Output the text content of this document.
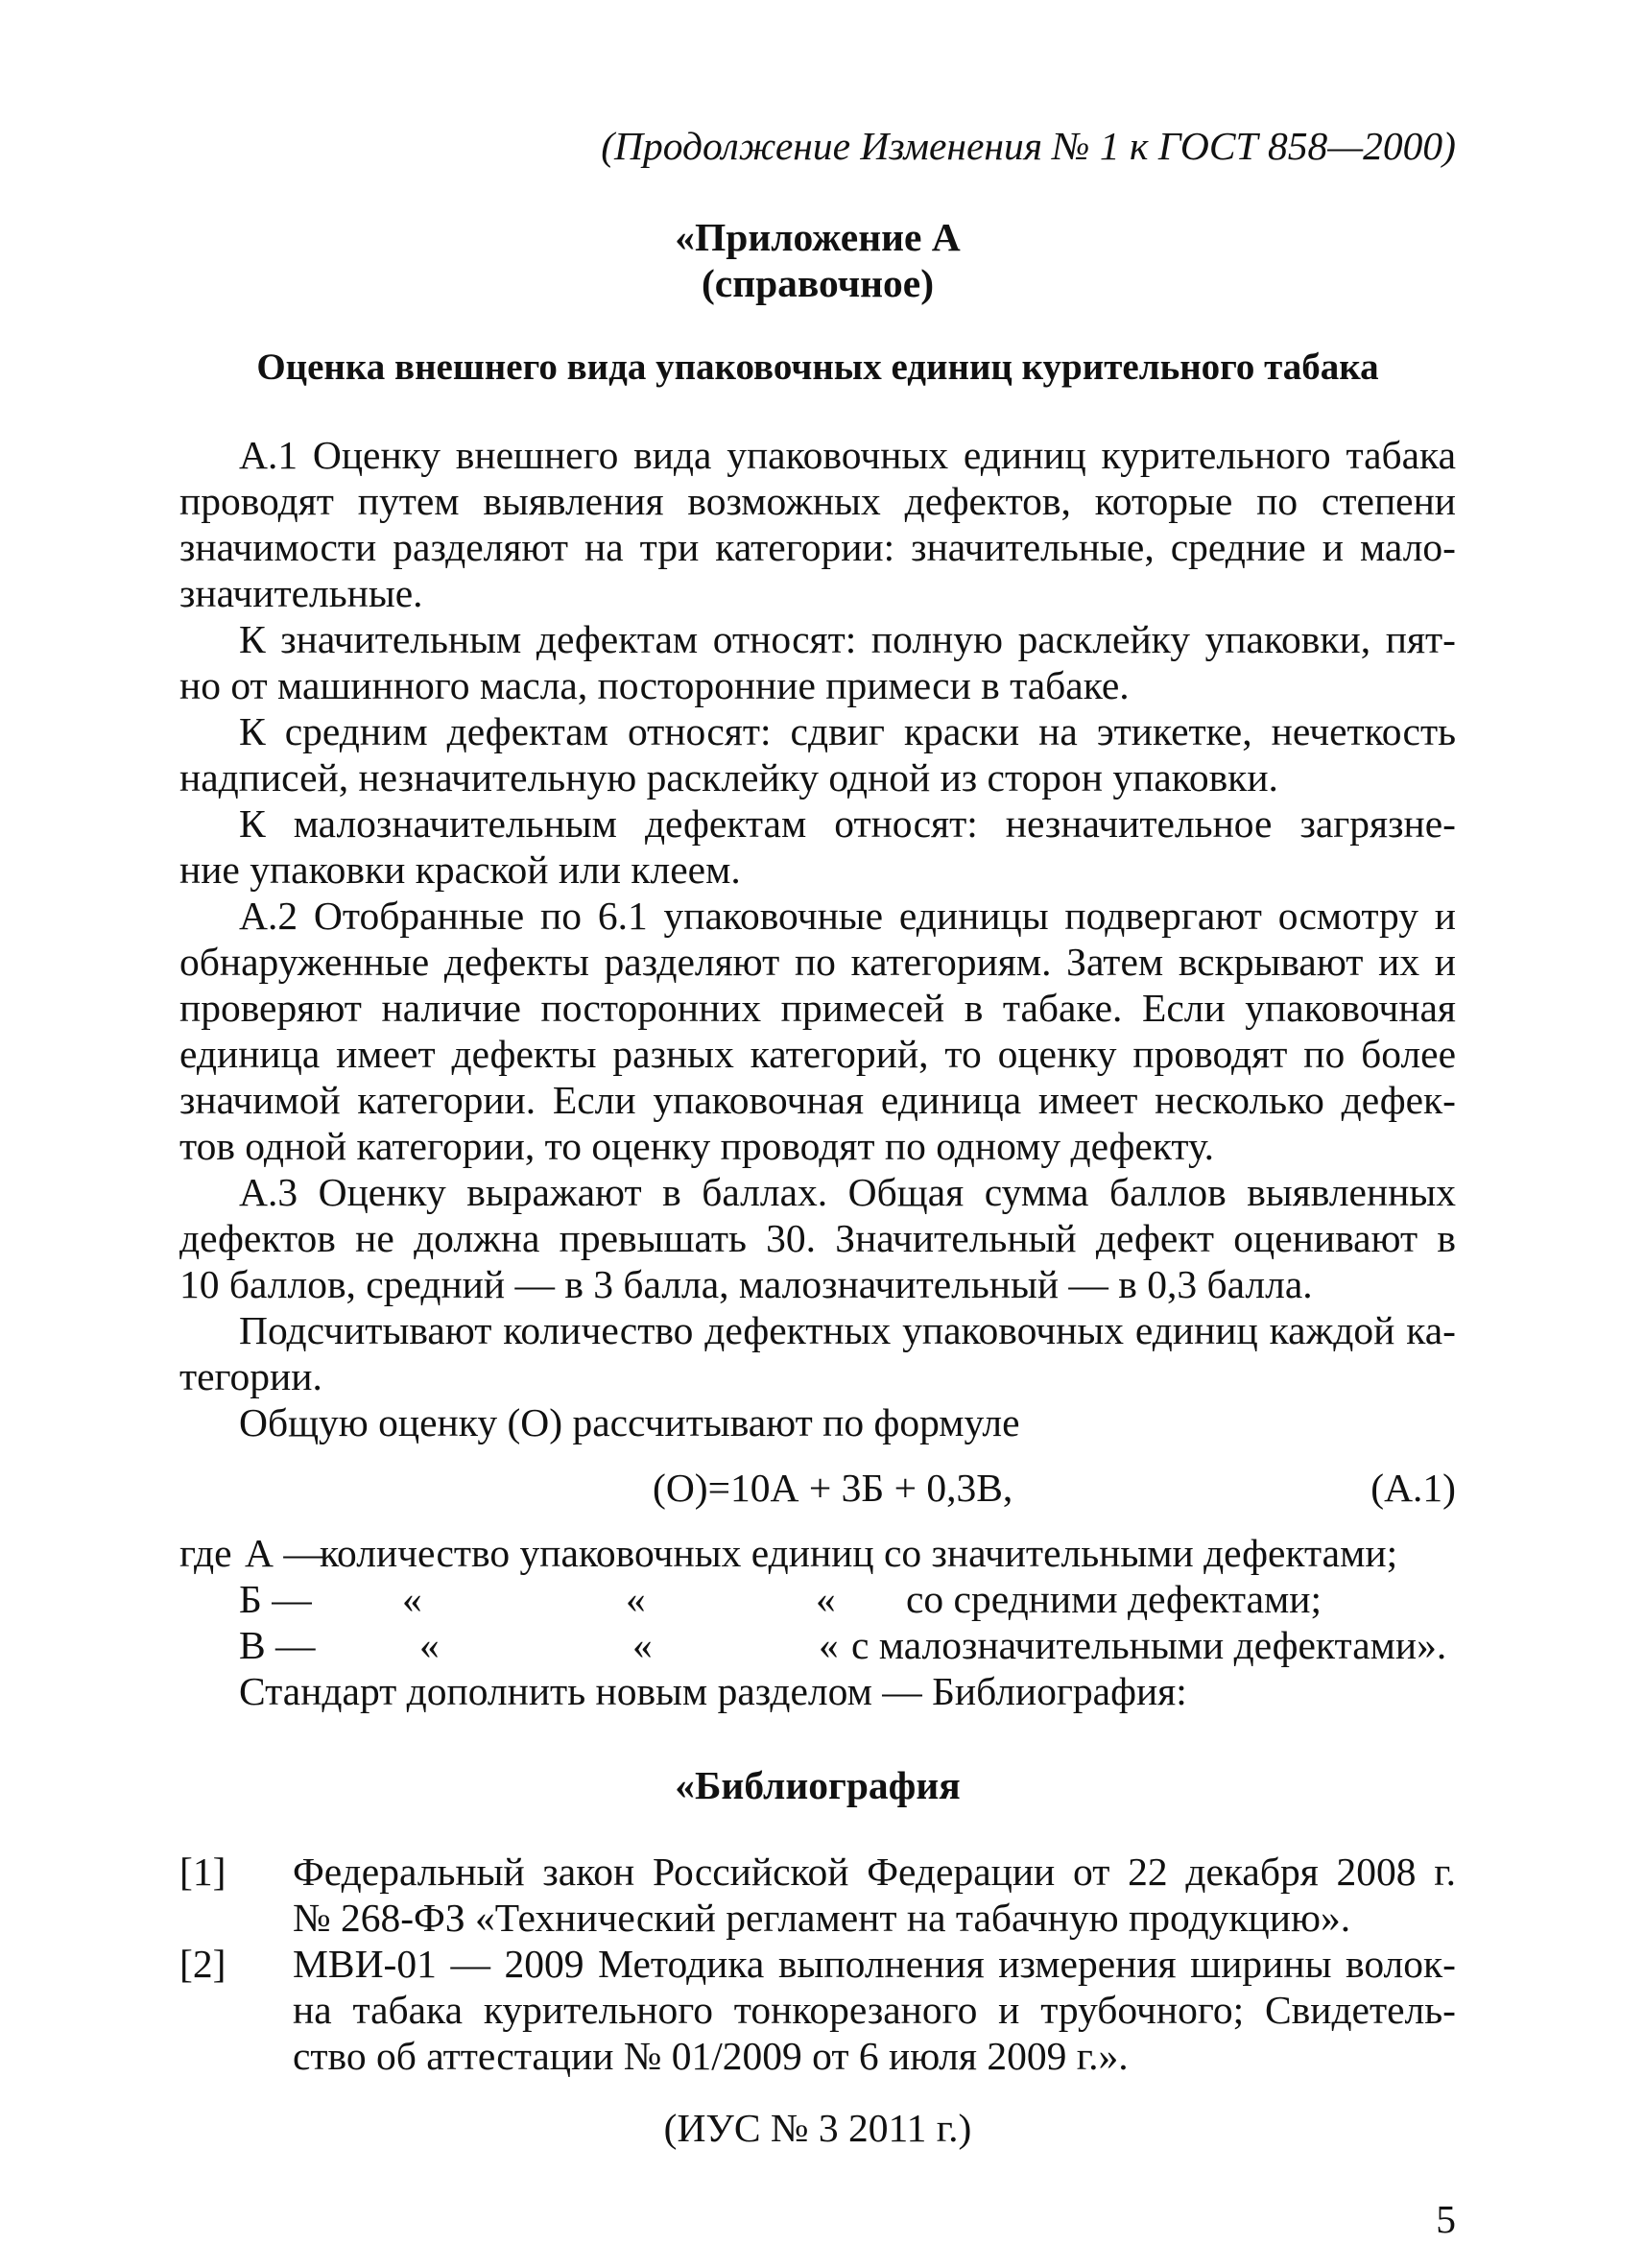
(Продолжение Изменения № 1 к ГОСТ 858—2000)
«Приложение А
(справочное)
Оценка внешнего вида упаковочных единиц курительного табака
А.1 Оценку внешнего вида упаковочных единиц курительного табака
проводят путем выявления возможных дефектов, которые по степени
значимости разделяют на три категории: значительные, средние и мало-
значительные.
К значительным дефектам относят: полную расклейку упаковки, пят-
но от машинного масла, посторонние примеси в табаке.
К средним дефектам относят: сдвиг краски на этикетке, нечеткость
надписей, незначительную расклейку одной из сторон упаковки.
К малозначительным дефектам относят: незначительное загрязне-
ние упаковки краской или клеем.
А.2 Отобранные по 6.1 упаковочные единицы подвергают осмотру и
обнаруженные дефекты разделяют по категориям. Затем вскрывают их и
проверяют наличие посторонних примесей в табаке. Если упаковочная
единица имеет дефекты разных категорий, то оценку проводят по более
значимой категории. Если упаковочная единица имеет несколько дефек-
тов одной категории, то оценку проводят по одному дефекту.
А.3 Оценку выражают в баллах. Общая сумма баллов выявленных
дефектов не должна превышать 30. Значительный дефект оценивают в
10 баллов, средний — в 3 балла, малозначительный — в 0,3 балла.
Подсчитывают количество дефектных упаковочных единиц каждой ка-
тегории.
Общую оценку (О) рассчитывают по формуле
(О)=10А + 3Б + 0,3В,	(А.1)
где А —
количество упаковочных единиц со значительными дефектами;
Б — «	«	« со средними дефектами;
В —	«	«	« с малозначительными дефектами».
Стандарт дополнить новым разделом — Библиография:
«Библиография
[1] Федеральный закон Российской Федерации от 22 декабря 2008 г.
№ 268-ФЗ «Технический регламент на табачную продукцию».
[2] МВИ-01 — 2009 Методика выполнения измерения ширины волок-
на табака курительного тонкорезаного и трубочного; Свидетель-
ство об аттестации № 01/2009 от 6 июля 2009 г.».
(ИУС № 3 2011 г.)
5
